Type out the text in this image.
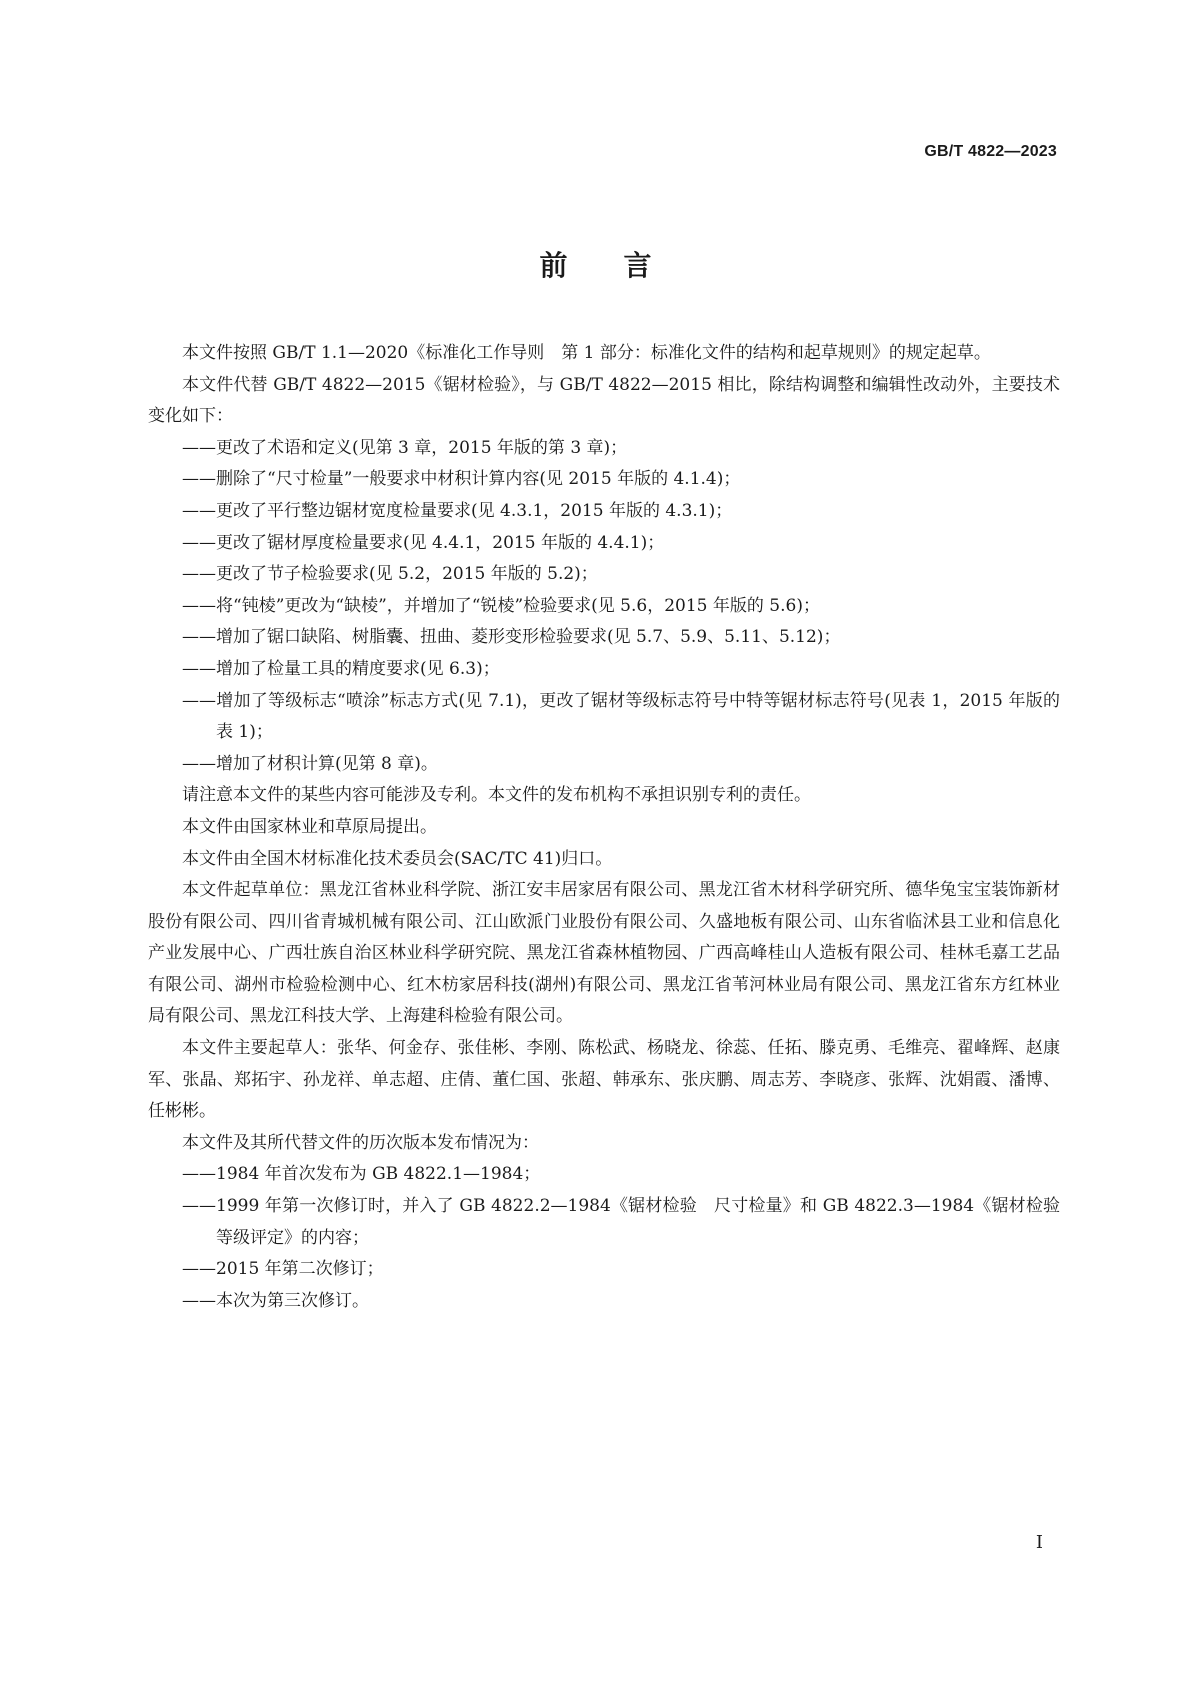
GB/T 4822—2023
前言

本文件按照 GB/T 1.1—2020《标准化工作导则　第 1 部分：标准化文件的结构和起草规则》的规定起草。

本文件代替 GB/T 4822—2015《锯材检验》，与 GB/T 4822—2015 相比，除结构调整和编辑性改动外，主要技术变化如下：

——更改了术语和定义(见第 3 章，2015 年版的第 3 章)；

——删除了“尺寸检量”一般要求中材积计算内容(见 2015 年版的 4.1.4)；

——更改了平行整边锯材宽度检量要求(见 4.3.1，2015 年版的 4.3.1)；

——更改了锯材厚度检量要求(见 4.4.1，2015 年版的 4.4.1)；

——更改了节子检验要求(见 5.2，2015 年版的 5.2)；

——将“钝棱”更改为“缺棱”，并增加了“锐棱”检验要求(见 5.6，2015 年版的 5.6)；

——增加了锯口缺陷、树脂囊、扭曲、菱形变形检验要求(见 5.7、5.9、5.11、5.12)；

——增加了检量工具的精度要求(见 6.3)；

——增加了等级标志“喷涂”标志方式(见 7.1)，更改了锯材等级标志符号中特等锯材标志符号(见表 1，2015 年版的表 1)；

——增加了材积计算(见第 8 章)。

请注意本文件的某些内容可能涉及专利。本文件的发布机构不承担识别专利的责任。

本文件由国家林业和草原局提出。

本文件由全国木材标准化技术委员会(SAC/TC 41)归口。

本文件起草单位：黑龙江省林业科学院、浙江安丰居家居有限公司、黑龙江省木材科学研究所、德华兔宝宝装饰新材股份有限公司、四川省青城机械有限公司、江山欧派门业股份有限公司、久盛地板有限公司、山东省临沭县工业和信息化产业发展中心、广西壮族自治区林业科学研究院、黑龙江省森林植物园、广西高峰桂山人造板有限公司、桂林毛嘉工艺品有限公司、湖州市检验检测中心、红木枋家居科技(湖州)有限公司、黑龙江省苇河林业局有限公司、黑龙江省东方红林业局有限公司、黑龙江科技大学、上海建科检验有限公司。

本文件主要起草人：张华、何金存、张佳彬、李刚、陈松武、杨晓龙、徐蕊、任拓、滕克勇、毛维亮、翟峰辉、赵康军、张晶、郑拓宇、孙龙祥、单志超、庄倩、董仁国、张超、韩承东、张庆鹏、周志芳、李晓彦、张辉、沈娟霞、潘博、任彬彬。

本文件及其所代替文件的历次版本发布情况为：

——1984 年首次发布为 GB 4822.1—1984；

——1999 年第一次修订时，并入了 GB 4822.2—1984《锯材检验　尺寸检量》和 GB 4822.3—1984《锯材检验　等级评定》的内容；

——2015 年第二次修订；

——本次为第三次修订。

I
